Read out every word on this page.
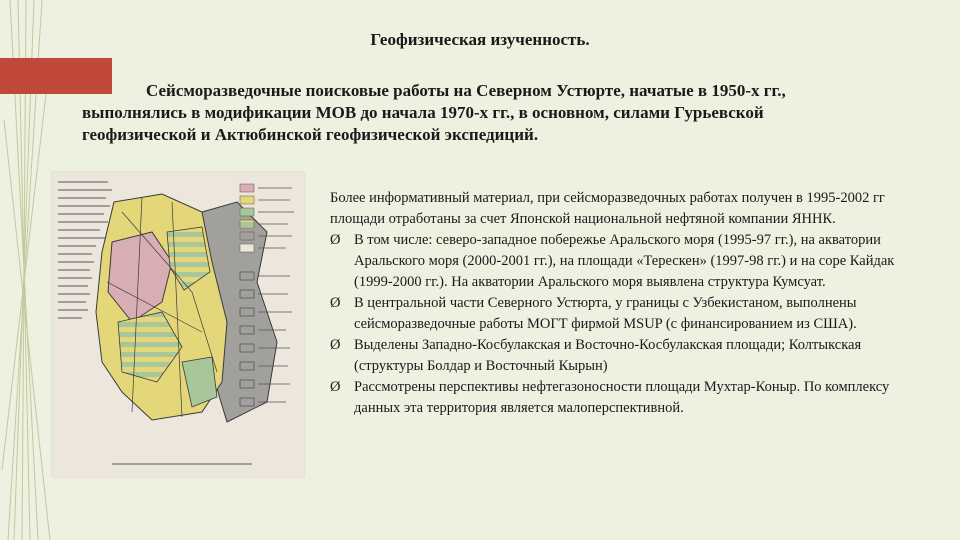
Геофизическая изученность.
Сейсморазведочные поисковые работы на Северном Устюрте, начатые в 1950-х гг., выполнялись в модификации МОВ до начала 1970-х гг., в основном, силами Гурьевской геофизической и Актюбинской геофизической экспедиций.

Более информативный материал, при сейсморазведочных работах получен в 1995-2002 гг площади отработаны за счет Японской национальной нефтяной компании ЯННК.

Ø В том числе: северо-западное побережье Аральского моря (1995-97 гг.), на акватории Аральского моря (2000-2001 гг.), на площади «Терескен» (1997-98 гг.) и на соре Кайдак (1999-2000 гг.). На акватории Аральского моря выявлена структура Кумсуат.
Ø В центральной части Северного Устюрта, у границы с Узбекистаном, выполнены сейсморазведочные работы МОГТ фирмой MSUP (с финансированием из США).
Ø Выделены Западно-Косбулакская и Восточно-Косбулакская площади; Колтыкская (структуры Болдар и Восточный Кырын)
Ø Рассмотрены перспективы нефтегазоносности площади Мухтар-Коныр. По комплексу данных эта территория является малоперспективной.
